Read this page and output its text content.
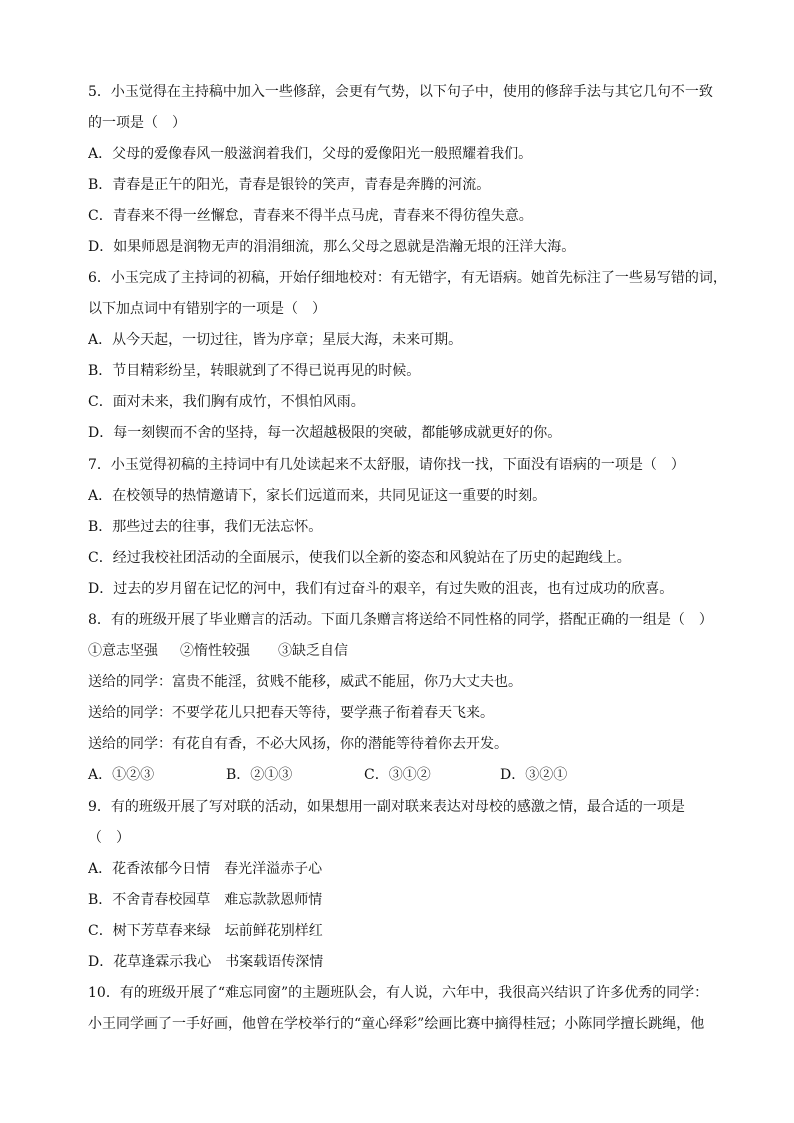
5．小玉觉得在主持稿中加入一些修辞，会更有气势，以下句子中，使用的修辞手法与其它几句不一致
的一项是（　）
A．父母的爱像春风一般滋润着我们，父母的爱像阳光一般照耀着我们。
B．青春是正午的阳光，青春是银铃的笑声，青春是奔腾的河流。
C．青春来不得一丝懈怠，青春来不得半点马虎，青春来不得彷徨失意。
D．如果师恩是润物无声的涓涓细流，那么父母之恩就是浩瀚无垠的汪洋大海。
6．小玉完成了主持词的初稿，开始仔细地校对：有无错字，有无语病。她首先标注了一些易写错的词，
以下加点词中有错别字的一项是（　）
A．从今天起，一切过往，皆为序章；星辰大海，未来可期。
B．节目精彩纷呈，转眼就到了不得已说再见的时候。
C．面对未来，我们胸有成竹，不惧怕风雨。
D．每一刻锲而不舍的坚持，每一次超越极限的突破，都能够成就更好的你。
7．小玉觉得初稿的主持词中有几处读起来不太舒服，请你找一找，下面没有语病的一项是（　）
A．在校领导的热情邀请下，家长们远道而来，共同见证这一重要的时刻。
B．那些过去的往事，我们无法忘怀。
C．经过我校社团活动的全面展示，使我们以全新的姿态和风貌站在了历史的起跑线上。
D．过去的岁月留在记忆的河中，我们有过奋斗的艰辛，有过失败的沮丧，也有过成功的欣喜。
8．有的班级开展了毕业赠言的活动。下面几条赠言将送给不同性格的同学，搭配正确的一组是（　）
①意志坚强 ②惰性较强 ③缺乏自信
送给的同学：富贵不能淫，贫贱不能移，威武不能屈，你乃大丈夫也。
送给的同学：不要学花儿只把春天等待，要学燕子衔着春天飞来。
送给的同学：有花自有香，不必大风扬，你的潜能等待着你去开发。
A．①②③	B．②①③	C．③①②	D．③②①
9．有的班级开展了写对联的活动，如果想用一副对联来表达对母校的感激之情，最合适的一项是
（　）
A．花香浓郁今日情　春光洋溢赤子心
B．不舍青春校园草　难忘款款恩师情
C．树下芳草春来绿　坛前鲜花别样红
D．花草逢霖示我心　书案载语传深情
10．有的班级开展了“难忘同窗”的主题班队会，有人说，六年中，我很高兴结识了许多优秀的同学：
小王同学画了一手好画，他曾在学校举行的“童心绎彩”绘画比赛中摘得桂冠；小陈同学擅长跳绳，他
